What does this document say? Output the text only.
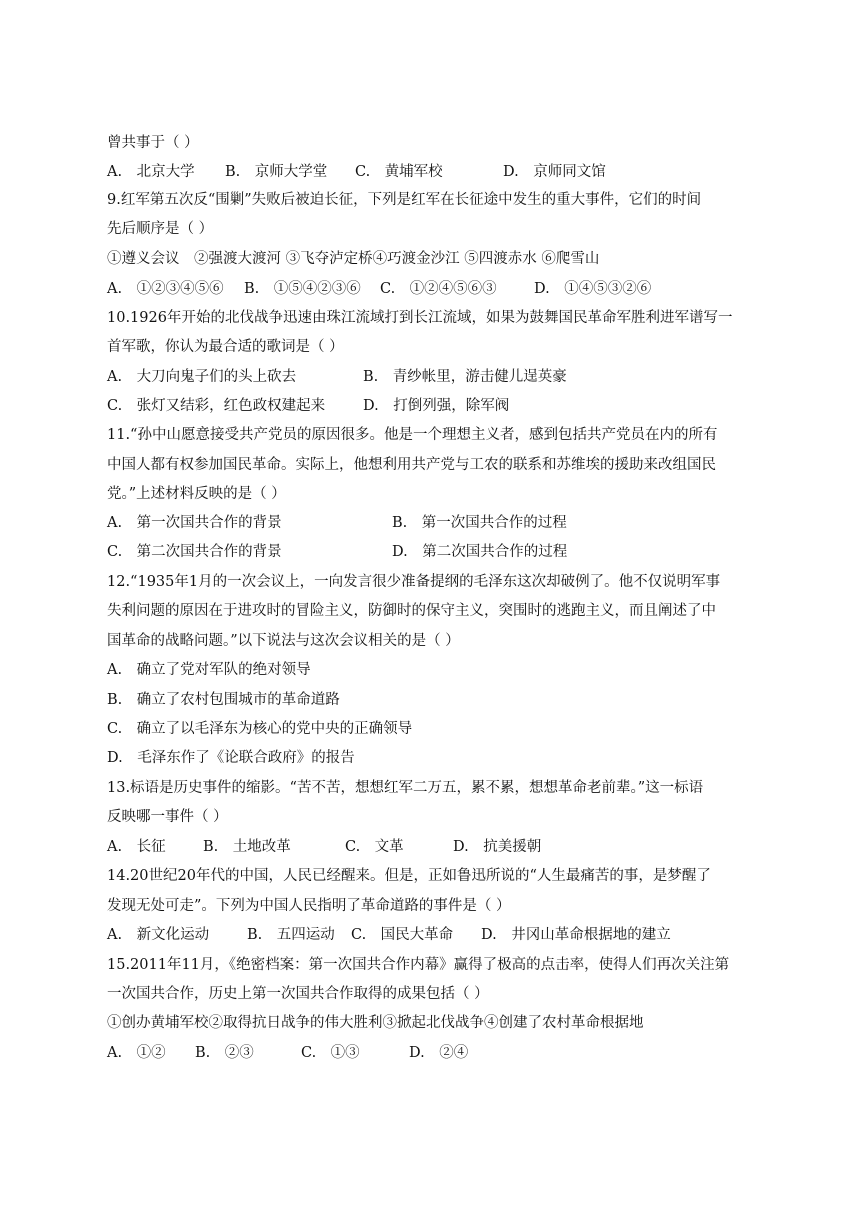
曾共事于（ ）
A.　北京大学	B.　京师大学堂	C.　黄埔军校	D.　京师同文馆
9.红军第五次反“围剿”失败后被迫长征，下列是红军在长征途中发生的重大事件，它们的时间
先后顺序是（ ）
①遵义会议　②强渡大渡河 ③飞夺泸定桥④巧渡金沙江 ⑤四渡赤水 ⑥爬雪山
A.　①②③④⑤⑥	B.　①⑤④②③⑥	C.　①②④⑤⑥③	D.　①④⑤③②⑥
10.1926年开始的北伐战争迅速由珠江流域打到长江流域，如果为鼓舞国民革命军胜利进军谱写一
首军歌，你认为最合适的歌词是（ ）
A.　大刀向鬼子们的头上砍去	B.　青纱帐里，游击健儿逞英豪
C.　张灯又结彩，红色政权建起来	D.　打倒列强，除军阀
11.“孙中山愿意接受共产党员的原因很多。他是一个理想主义者，感到包括共产党员在内的所有
中国人都有权参加国民革命。实际上，他想利用共产党与工农的联系和苏维埃的援助来改组国民
党。”上述材料反映的是（ ）
A.　第一次国共合作的背景	B.　第一次国共合作的过程
C.　第二次国共合作的背景	D.　第二次国共合作的过程
12.“1935年1月的一次会议上，一向发言很少准备提纲的毛泽东这次却破例了。他不仅说明军事
失利问题的原因在于进攻时的冒险主义，防御时的保守主义，突围时的逃跑主义，而且阐述了中
国革命的战略问题。”以下说法与这次会议相关的是（ ）
A.　确立了党对军队的绝对领导
B.　确立了农村包围城市的革命道路
C.　确立了以毛泽东为核心的党中央的正确领导
D.　毛泽东作了《论联合政府》的报告
13.标语是历史事件的缩影。“苦不苦，想想红军二万五，累不累，想想革命老前辈。”这一标语
反映哪一事件（ ）
A.　长征	B.　土地改革	C.　文革	D.　抗美援朝
14.20世纪20年代的中国，人民已经醒来。但是，正如鲁迅所说的“人生最痛苦的事，是梦醒了
发现无处可走”。下列为中国人民指明了革命道路的事件是（ ）
A.　新文化运动	B.　五四运动	C.　国民大革命	D.　井冈山革命根据地的建立
15.2011年11月，《绝密档案：第一次国共合作内幕》赢得了极高的点击率，使得人们再次关注第
一次国共合作，历史上第一次国共合作取得的成果包括（ ）
①创办黄埔军校②取得抗日战争的伟大胜利③掀起北伐战争④创建了农村革命根据地
A.　①②	B.　②③	C.　①③	D.　②④
